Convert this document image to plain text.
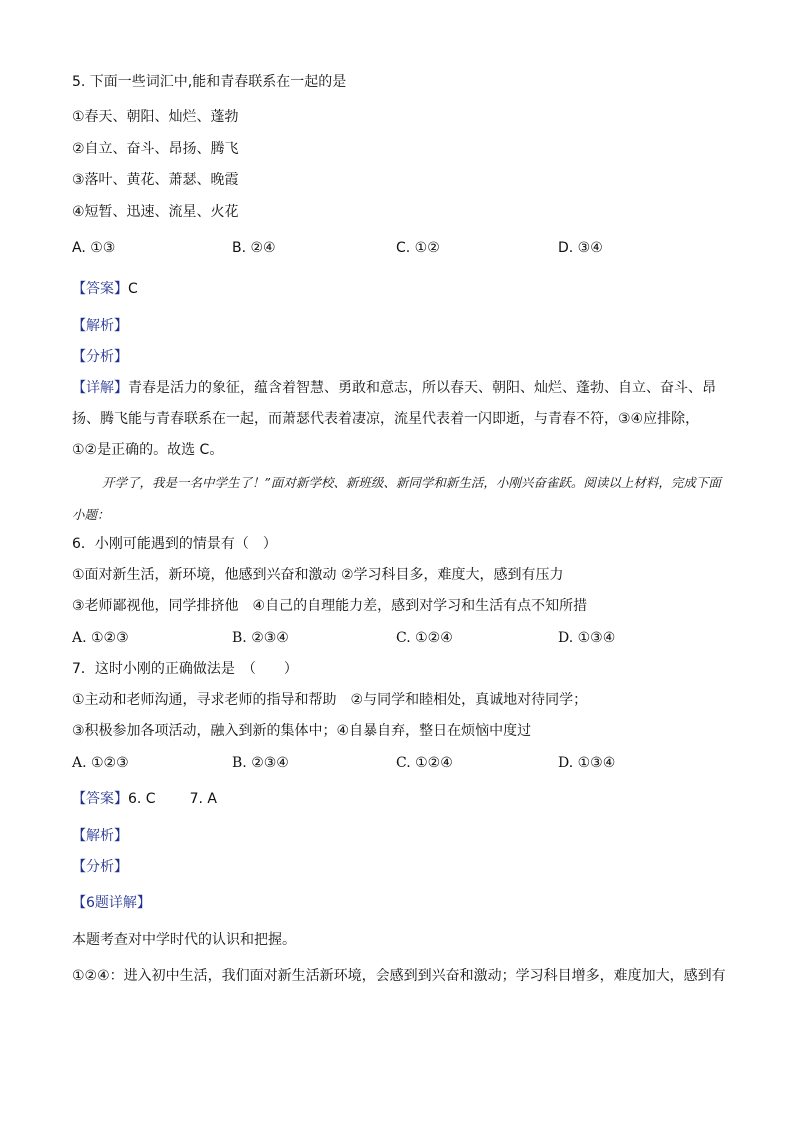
5. 下面一些词汇中,能和青春联系在一起的是
①春天、朝阳、灿烂、蓬勃
②自立、奋斗、昂扬、腾飞
③落叶、黄花、萧瑟、晚霞
④短暂、迅速、流星、火花
A. ①③	B. ②④	C. ①②	D. ③④
【答案】C
【解析】
【分析】
【详解】青春是活力的象征，蕴含着智慧、勇敢和意志，所以春天、朝阳、灿烂、蓬勃、自立、奋斗、昂扬、腾飞能与青春联系在一起，而萧瑟代表着凄凉，流星代表着一闪即逝，与青春不符，③④应排除，①②是正确的。故选 C。
开学了，我是一名中学生了！”面对新学校、新班级、新同学和新生活，小刚兴奋雀跃。阅读以上材料，完成下面小题：
6．小刚可能遇到的情景有（　）
①面对新生活，新环境，他感到兴奋和激动 ②学习科目多，难度大，感到有压力
③老师鄙视他，同学排挤他　④自己的自理能力差，感到对学习和生活有点不知所措
A. ①②③	B. ②③④	C. ①②④	D. ①③④
7．这时小刚的正确做法是　（　　）
①主动和老师沟通，寻求老师的指导和帮助　②与同学和睦相处，真诚地对待同学；
③积极参加各项活动，融入到新的集体中；④自暴自弃，整日在烦恼中度过
A. ①②③	B. ②③④	C. ①②④	D. ①③④
【答案】6. C 7. A
【解析】
【分析】
【6题详解】
本题考查对中学时代的认识和把握。
①②④：进入初中生活，我们面对新生活新环境，会感到到兴奋和激动；学习科目增多，难度加大，感到有
